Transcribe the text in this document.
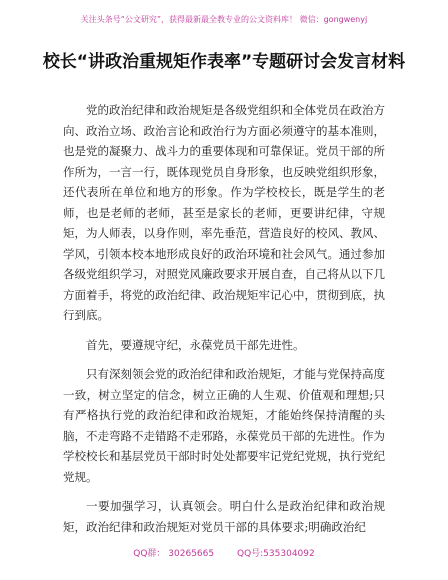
关注头条号“公文研究”，获得最新最全教专业的公文资料库！ 微信：gongwenyj
校长“讲政治重规矩作表率”专题研讨会发言材料

党的政治纪律和政治规矩是各级党组织和全体党员在政治方向、政治立场、政治言论和政治行为方面必须遵守的基本准则，也是党的凝聚力、战斗力的重要体现和可靠保证。党员干部的所作所为，一言一行，既体现党员自身形象，也反映党组织形象，还代表所在单位和地方的形象。作为学校校长，既是学生的老师，也是老师的老师，甚至是家长的老师，更要讲纪律，守规矩，为人师表，以身作则，率先垂范，营造良好的校风、教风、学风，引领本校本地形成良好的政治环境和社会风气。通过参加各级党组织学习，对照党风廉政要求开展自查，自己将从以下几方面着手，将党的政治纪律、政治规矩牢记心中，贯彻到底，执行到底。

首先，要遵规守纪，永葆党员干部先进性。

只有深刻领会党的政治纪律和政治规矩，才能与党保持高度一致，树立坚定的信念，树立正确的人生观、价值观和理想;只有严格执行党的政治纪律和政治规矩，才能始终保持清醒的头脑，不走弯路不走错路不走邪路，永葆党员干部的先进性。作为学校校长和基层党员干部时时处处都要牢记党纪党规，执行党纪党规。

一要加强学习，认真领会。明白什么是政治纪律和政治规矩，政治纪律和政治规矩对党员干部的具体要求;明确政治纪

QQ群： 30265665	QQ号:535304092
